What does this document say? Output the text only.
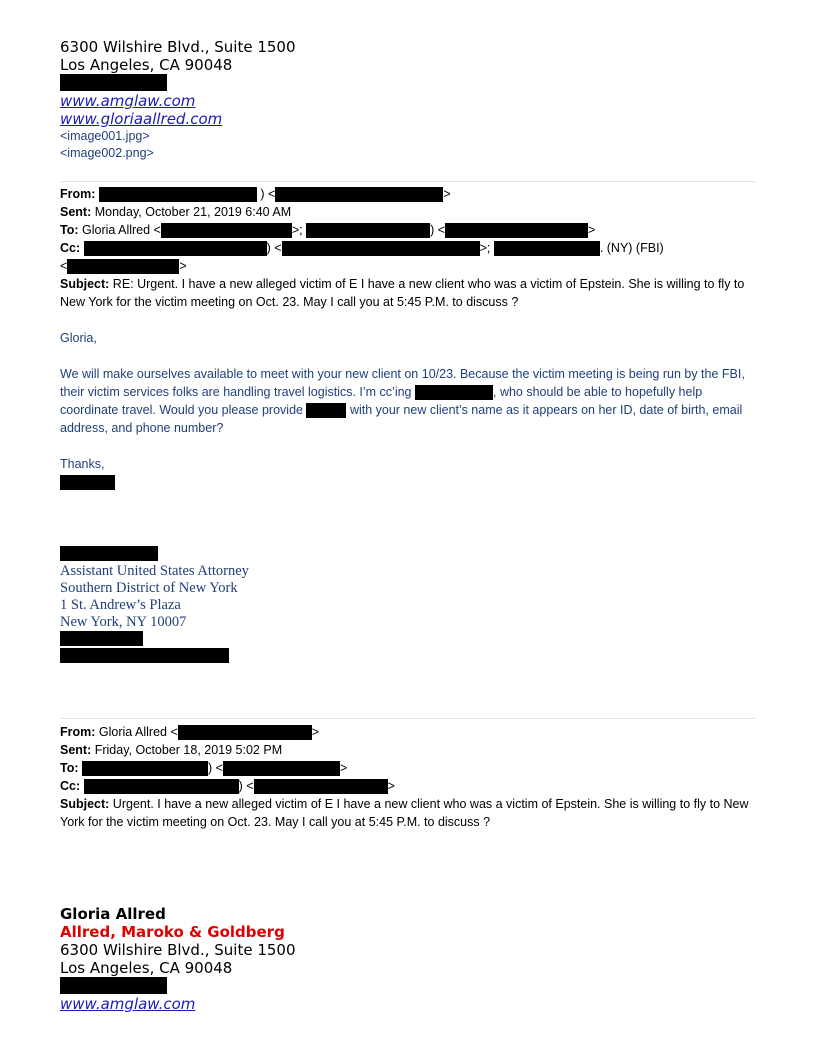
6300 Wilshire Blvd., Suite 1500
Los Angeles, CA 90048
www.amglaw.com
www.gloriaallred.com
<image001.jpg>
<image002.png>
From:	) <	>
Sent: Monday, October 21, 2019 6:40 AM
To: Gloria Allred <	>;	) <	>
Cc:	) <	>;	. (NY) (FBI)
<	>
Subject: RE: Urgent. I have a new alleged victim of E I have a new client who was a victim of Epstein. She is willing to fly to New York for the victim meeting on Oct. 23. May I call you at 5:45 P.M. to discuss ?
Gloria,
We will make ourselves available to meet with your new client on 10/23. Because the victim meeting is being run by the FBI, their victim services folks are handling travel logistics. I’m cc’ing	, who should be able to hopefully help coordinate travel. Would you please provide	with your new client’s name as it appears on her ID, date of birth, email address, and phone number?
Thanks,
Assistant United States Attorney
Southern District of New York
1 St. Andrew’s Plaza
New York, NY 10007
From: Gloria Allred <	>
Sent: Friday, October 18, 2019 5:02 PM
To:	) <	>
Cc:	) <	>
Subject: Urgent. I have a new alleged victim of E I have a new client who was a victim of Epstein. She is willing to fly to New York for the victim meeting on Oct. 23. May I call you at 5:45 P.M. to discuss ?
Gloria Allred
Allred, Maroko & Goldberg
6300 Wilshire Blvd., Suite 1500
Los Angeles, CA 90048
www.amglaw.com
